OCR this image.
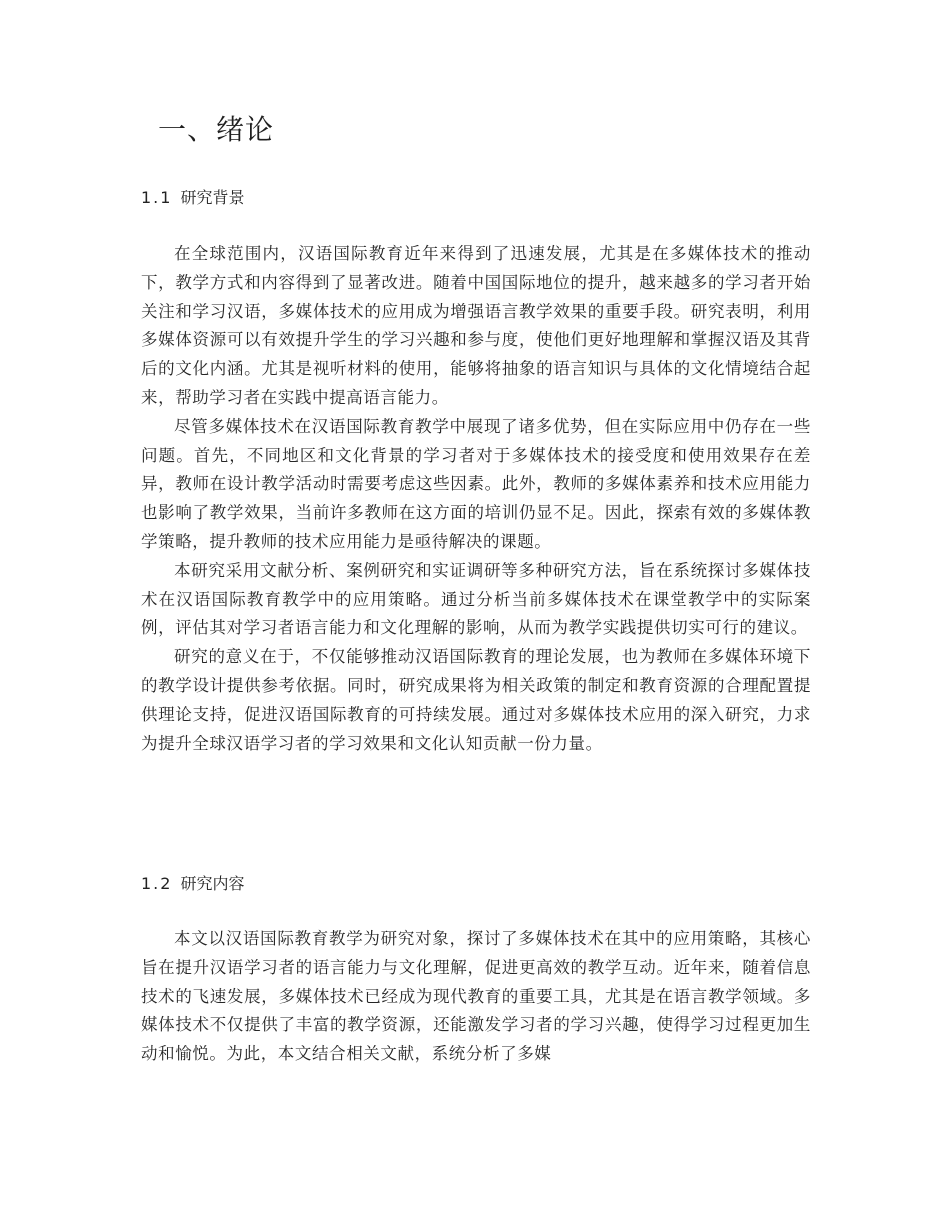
一、绪论
1.1 研究背景

在全球范围内，汉语国际教育近年来得到了迅速发展，尤其是在多媒体技术的推动下，教学方式和内容得到了显著改进。随着中国国际地位的提升，越来越多的学习者开始关注和学习汉语，多媒体技术的应用成为增强语言教学效果的重要手段。研究表明，利用多媒体资源可以有效提升学生的学习兴趣和参与度，使他们更好地理解和掌握汉语及其背后的文化内涵。尤其是视听材料的使用，能够将抽象的语言知识与具体的文化情境结合起来，帮助学习者在实践中提高语言能力。

尽管多媒体技术在汉语国际教育教学中展现了诸多优势，但在实际应用中仍存在一些问题。首先，不同地区和文化背景的学习者对于多媒体技术的接受度和使用效果存在差异，教师在设计教学活动时需要考虑这些因素。此外，教师的多媒体素养和技术应用能力也影响了教学效果，当前许多教师在这方面的培训仍显不足。因此，探索有效的多媒体教学策略，提升教师的技术应用能力是亟待解决的课题。

本研究采用文献分析、案例研究和实证调研等多种研究方法，旨在系统探讨多媒体技术在汉语国际教育教学中的应用策略。通过分析当前多媒体技术在课堂教学中的实际案例，评估其对学习者语言能力和文化理解的影响，从而为教学实践提供切实可行的建议。

研究的意义在于，不仅能够推动汉语国际教育的理论发展，也为教师在多媒体环境下的教学设计提供参考依据。同时，研究成果将为相关政策的制定和教育资源的合理配置提供理论支持，促进汉语国际教育的可持续发展。通过对多媒体技术应用的深入研究，力求为提升全球汉语学习者的学习效果和文化认知贡献一份力量。

1.2 研究内容

本文以汉语国际教育教学为研究对象，探讨了多媒体技术在其中的应用策略，其核心旨在提升汉语学习者的语言能力与文化理解，促进更高效的教学互动。近年来，随着信息技术的飞速发展，多媒体技术已经成为现代教育的重要工具，尤其是在语言教学领域。多媒体技术不仅提供了丰富的教学资源，还能激发学习者的学习兴趣，使得学习过程更加生动和愉悦。为此，本文结合相关文献，系统分析了多媒
